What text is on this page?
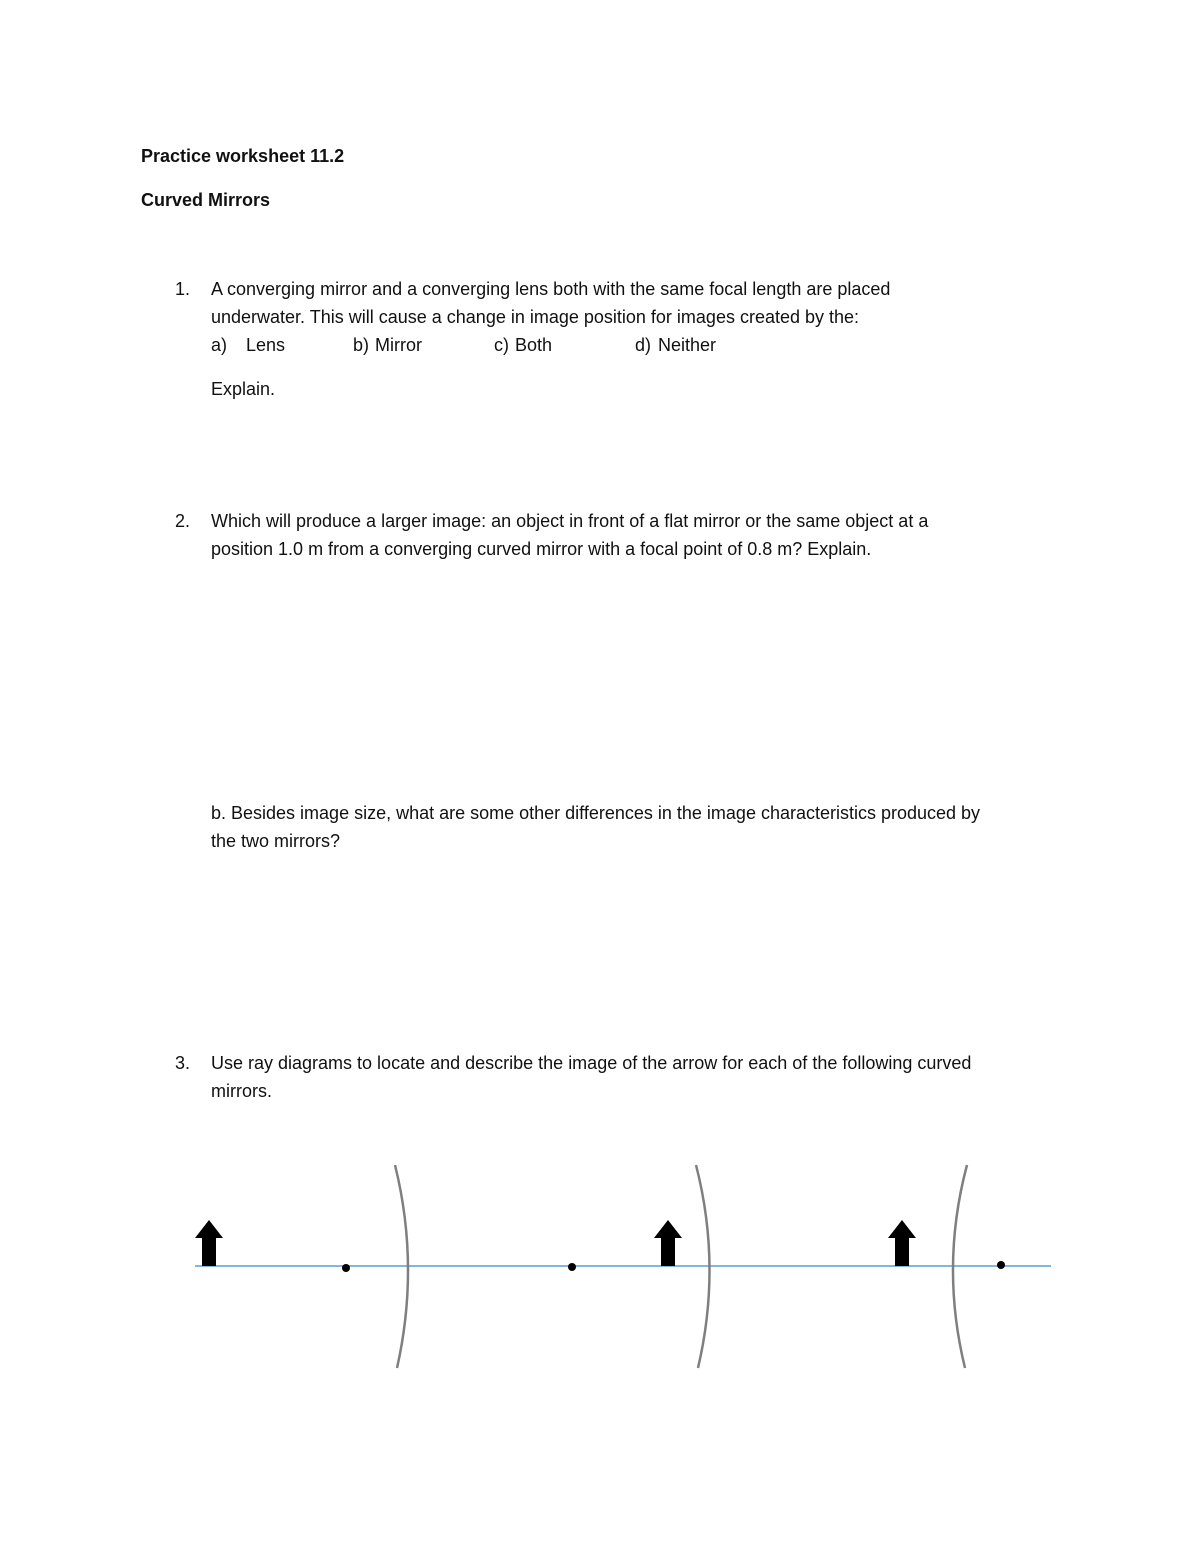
Practice worksheet 11.2
Curved Mirrors
1. A converging mirror and a converging lens both with the same focal length are placed
underwater. This will cause a change in image position for images created by the:
a) Lens	b) Mirror	c) Both	d) Neither
Explain.
2. Which will produce a larger image: an object in front of a flat mirror or the same object at a
position 1.0 m from a converging curved mirror with a focal point of 0.8 m? Explain.
b. Besides image size, what are some other differences in the image characteristics produced by
the two mirrors?
3. Use ray diagrams to locate and describe the image of the arrow for each of the following curved
mirrors.
